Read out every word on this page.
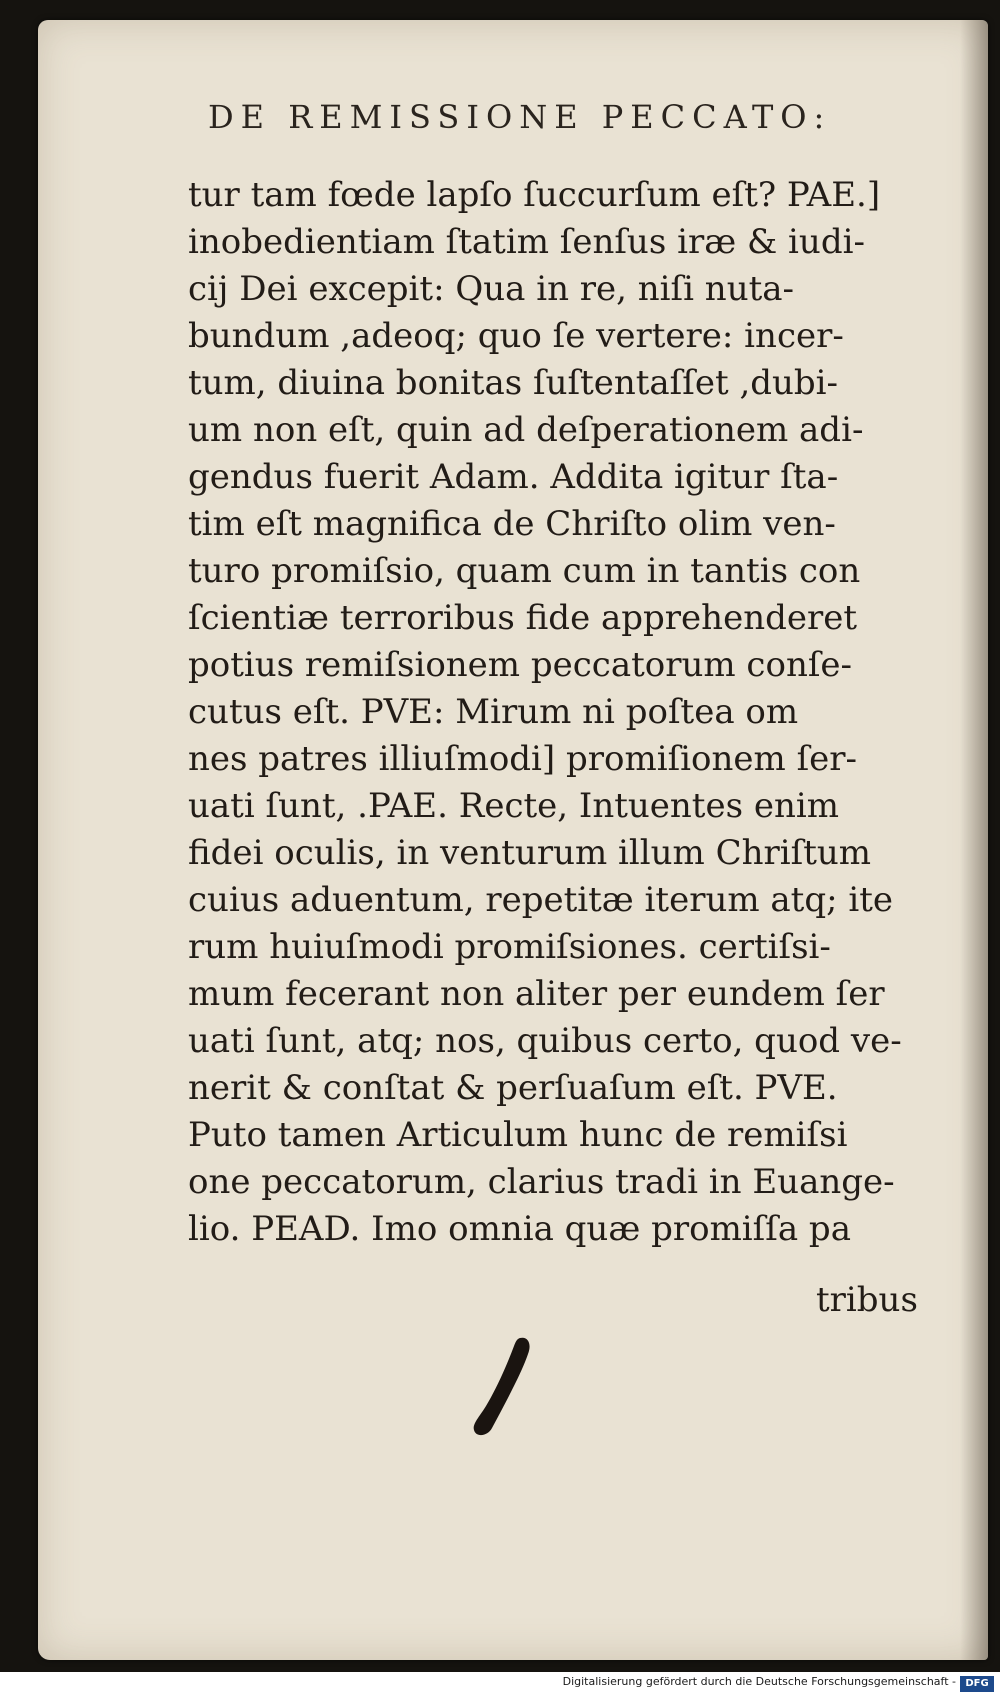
DE REMISSIONE PECCATO:
tur tam fœde lapſo ſuccurſum eſt? PAE.]
inobedientiam ſtatim ſenſus iræ & iudi-
cij Dei excepit: Qua in re, niſi nuta-
bundum ,adeoq; quo ſe vertere: incer-
tum, diuina bonitas ſuſtentaſſet ,dubi-
um non eſt, quin ad deſperationem adi-
gendus fuerit Adam. Addita igitur ſta-
tim eſt magnifica de Chriſto olim ven-
turo promiſsio, quam cum in tantis con
ſcientiæ terroribus fide apprehenderet
potius remiſsionem peccatorum conſe-
cutus eſt. PVE: Mirum ni poſtea om
nes patres illiuſmodi] promiſionem ſer-
uati ſunt, .PAE. Recte, Intuentes enim
fidei oculis, in venturum illum Chriſtum
cuius aduentum, repetitæ iterum atq; ite
rum huiuſmodi promiſsiones. certiſsi-
mum fecerant non aliter per eundem ſer
uati ſunt, atq; nos, quibus certo, quod ve-
nerit & conſtat & perſuaſum eſt. PVE.
Puto tamen Articulum hunc de remiſsi
one peccatorum, clarius tradi in Euange-
lio. PEAD. Imo omnia quæ promiſſa pa
tribus
Digitalisierung gefördert durch die Deutsche Forschungsgemeinschaft - DFG
